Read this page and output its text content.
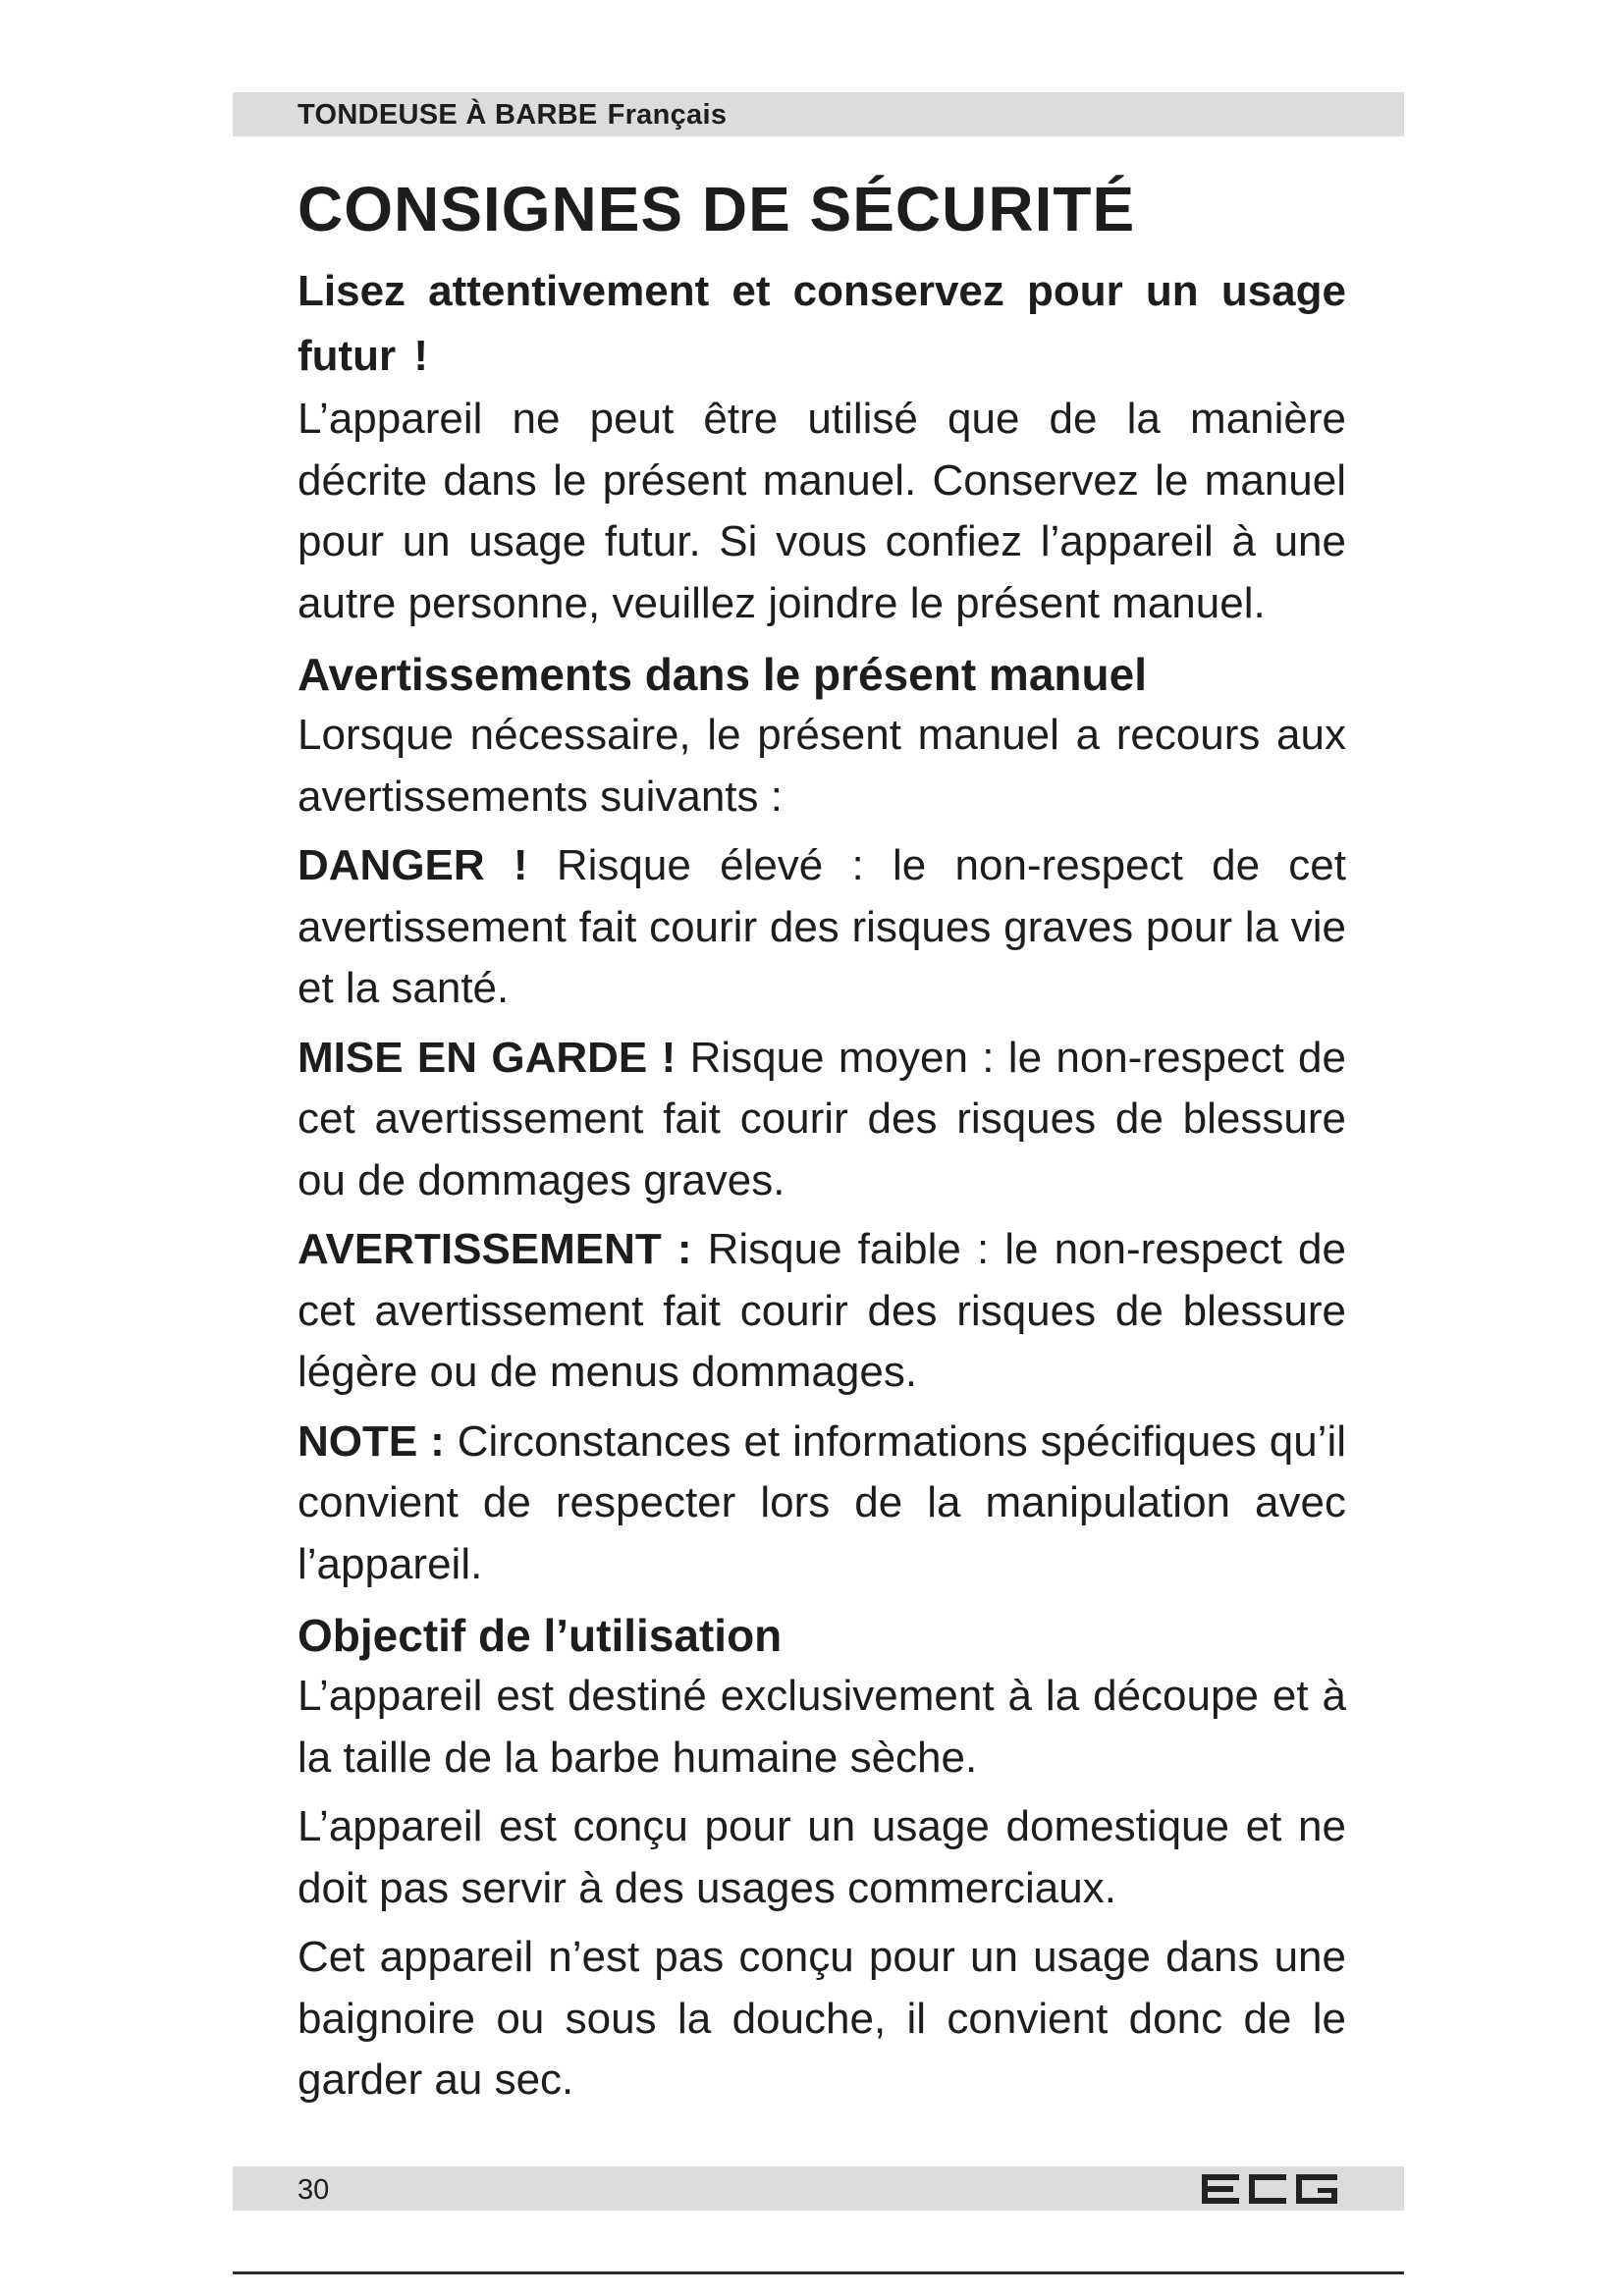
TONDEUSE À BARBE Français
CONSIGNES DE SÉCURITÉ

Lisez attentivement et conservez pour un usage futur !

L’appareil ne peut être utilisé que de la manière décrite dans le présent manuel. Conservez le manuel pour un usage futur. Si vous confiez l’appareil à une autre personne, veuillez joindre le présent manuel.

Avertissements dans le présent manuel

Lorsque nécessaire, le présent manuel a recours aux avertissements suivants :

DANGER ! Risque élevé : le non-respect de cet avertissement fait courir des risques graves pour la vie et la santé.

MISE EN GARDE ! Risque moyen : le non-respect de cet avertissement fait courir des risques de blessure ou de dommages graves.

AVERTISSEMENT : Risque faible : le non-respect de cet avertissement fait courir des risques de blessure légère ou de menus dommages.

NOTE : Circonstances et informations spécifiques qu’il convient de respecter lors de la manipulation avec l’appareil.

Objectif de l’utilisation

L’appareil est destiné exclusivement à la découpe et à la taille de la barbe humaine sèche.

L’appareil est conçu pour un usage domestique et ne doit pas servir à des usages commerciaux.

Cet appareil n’est pas conçu pour un usage dans une baignoire ou sous la douche, il convient donc de le garder au sec.

30
